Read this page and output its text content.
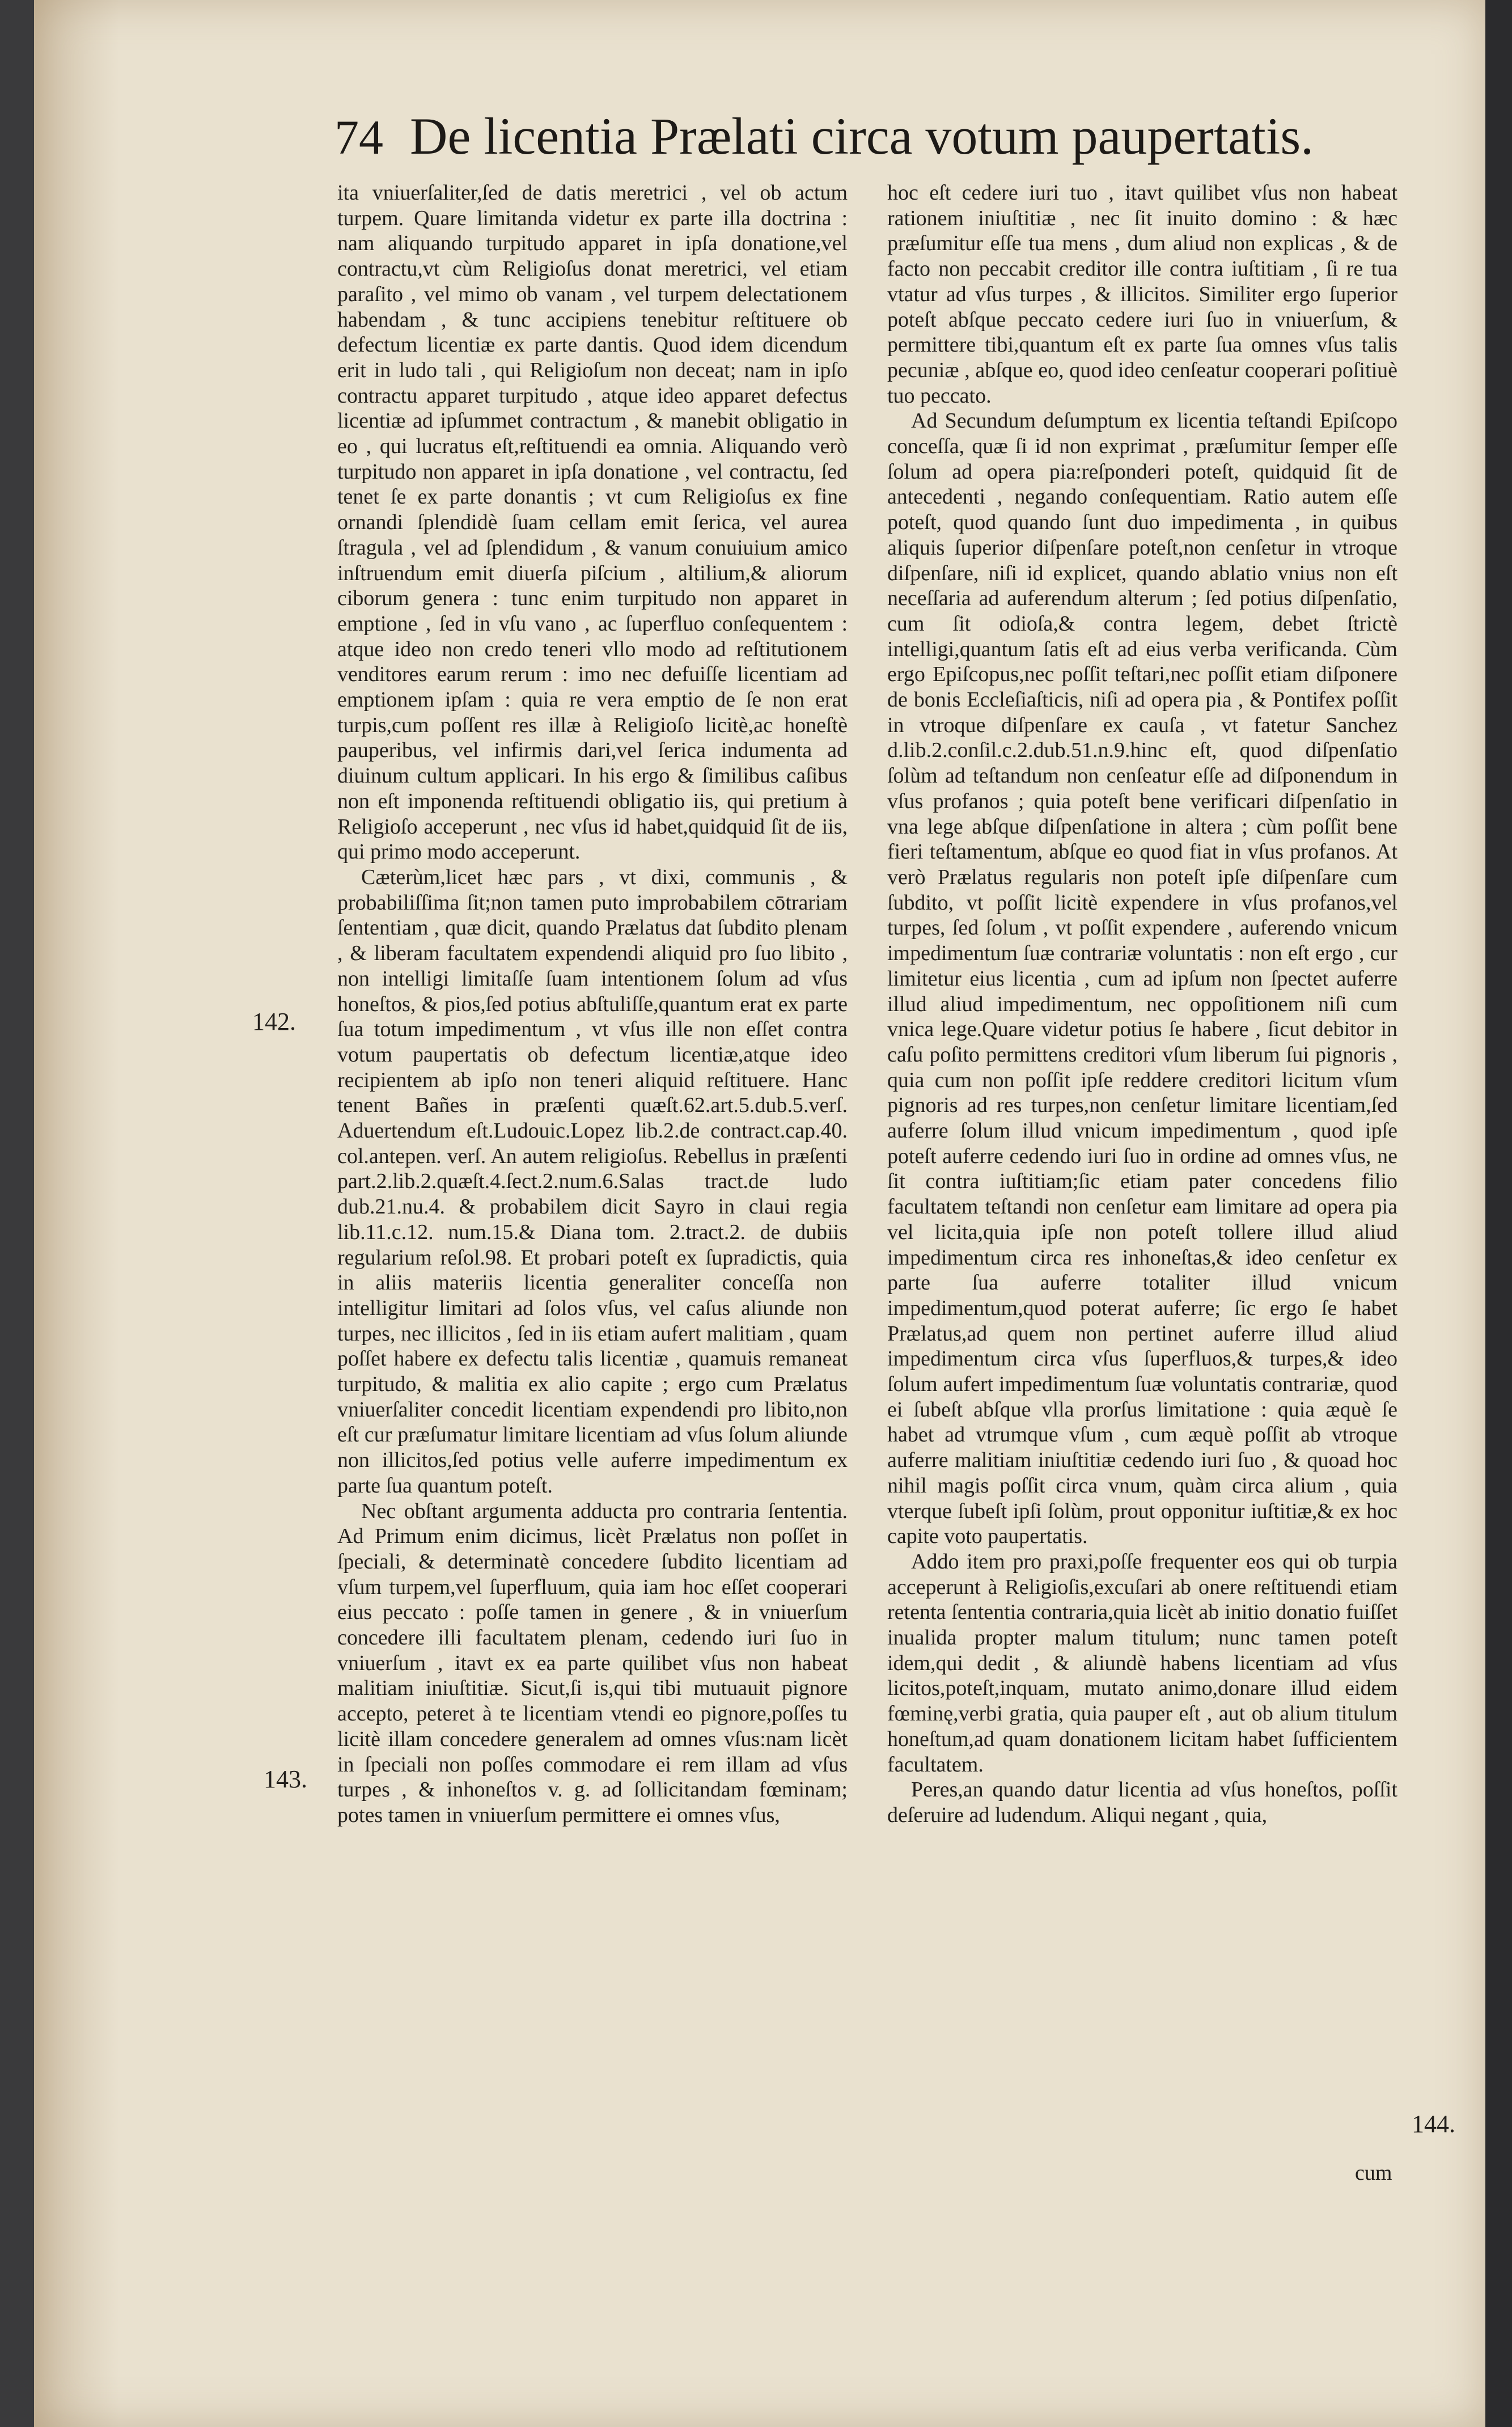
74 De licentia Prælati circa votum paupertatis.

ita vniuerſaliter,ſed de datis meretrici , vel ob actum turpem. Quare limitanda videtur ex parte illa doctrina : nam aliquando turpitudo apparet in ipſa donatione,vel contractu,vt cùm Religioſus donat meretrici, vel etiam paraſito , vel mimo ob vanam , vel turpem delectationem habendam , & tunc accipiens tenebitur reſtituere ob defectum licentiæ ex parte dantis. Quod idem dicendum erit in ludo tali , qui Religioſum non deceat; nam in ipſo contractu apparet turpitudo , atque ideo apparet defectus licentiæ ad ipſummet contractum , & manebit obligatio in eo , qui lucratus eſt,reſtituendi ea omnia. Aliquando verò turpitudo non apparet in ipſa donatione , vel contractu, ſed tenet ſe ex parte donantis ; vt cum Religioſus ex fine ornandi ſplendidè ſuam cellam emit ſerica, vel aurea ſtragula , vel ad ſplendidum , & vanum conuiuium amico inſtruendum emit diuerſa piſcium , altilium,& aliorum ciborum genera : tunc enim turpitudo non apparet in emptione , ſed in vſu vano , ac ſuperfluo conſequentem : atque ideo non credo teneri vllo modo ad reſtitutionem venditores earum rerum : imo nec defuiſſe licentiam ad emptionem ipſam : quia re vera emptio de ſe non erat turpis,cum poſſent res illæ à Religioſo licitè,ac honeſtè pauperibus, vel infirmis dari,vel ſerica indumenta ad diuinum cultum applicari. In his ergo & ſimilibus caſibus non eſt imponenda reſtituendi obligatio iis, qui pretium à Religioſo acceperunt , nec vſus id habet,quidquid ſit de iis, qui primo modo acceperunt.

Cæterùm,licet hæc pars , vt dixi, communis , & probabiliſſima ſit;non tamen puto improbabilem cōtrariam ſententiam , quæ dicit, quando Prælatus dat ſubdito plenam , & liberam facultatem expendendi aliquid pro ſuo libito , non intelligi limitaſſe ſuam intentionem ſolum ad vſus honeſtos, & pios,ſed potius abſtuliſſe,quantum erat ex parte ſua totum impedimentum , vt vſus ille non eſſet contra votum paupertatis ob defectum licentiæ,atque ideo recipientem ab ipſo non teneri aliquid reſtituere. Hanc tenent Bañes in præſenti quæſt.62.art.5.dub.5.verſ. Aduertendum eſt.Ludouic.Lopez lib.2.de contract.cap.40. col.antepen. verſ. An autem religioſus. Rebellus in præſenti part.2.lib.2.quæſt.4.ſect.2.num.6.Salas tract.de ludo dub.21.nu.4. & probabilem dicit Sayro in claui regia lib.11.c.12. num.15.& Diana tom. 2.tract.2. de dubiis regularium reſol.98. Et probari poteſt ex ſupradictis, quia in aliis materiis licentia generaliter conceſſa non intelligitur limitari ad ſolos vſus, vel caſus aliunde non turpes, nec illicitos , ſed in iis etiam aufert malitiam , quam poſſet habere ex defectu talis licentiæ , quamuis remaneat turpitudo, & malitia ex alio capite ; ergo cum Prælatus vniuerſaliter concedit licentiam expendendi pro libito,non eſt cur præſumatur limitare licentiam ad vſus ſolum aliunde non illicitos,ſed potius velle auferre impedimentum ex parte ſua quantum poteſt.

Nec obſtant argumenta adducta pro contraria ſententia. Ad Primum enim dicimus, licèt Prælatus non poſſet in ſpeciali, & determinatè concedere ſubdito licentiam ad vſum turpem,vel ſuperfluum, quia iam hoc eſſet cooperari eius peccato : poſſe tamen in genere , & in vniuerſum concedere illi facultatem plenam, cedendo iuri ſuo in vniuerſum , itavt ex ea parte quilibet vſus non habeat malitiam iniuſtitiæ. Sicut,ſi is,qui tibi mutuauit pignore accepto, peteret à te licentiam vtendi eo pignore,poſſes tu licitè illam concedere generalem ad omnes vſus:nam licèt in ſpeciali non poſſes commodare ei rem illam ad vſus turpes , & inhoneſtos v. g. ad ſollicitandam fœminam; potes tamen in vniuerſum permittere ei omnes vſus,

hoc eſt cedere iuri tuo , itavt quilibet vſus non habeat rationem iniuſtitiæ , nec ſit inuito domino : & hæc præſumitur eſſe tua mens , dum aliud non explicas , & de facto non peccabit creditor ille contra iuſtitiam , ſi re tua vtatur ad vſus turpes , & illicitos. Similiter ergo ſuperior poteſt abſque peccato cedere iuri ſuo in vniuerſum, & permittere tibi,quantum eſt ex parte ſua omnes vſus talis pecuniæ , abſque eo, quod ideo cenſeatur cooperari poſitiuè tuo peccato.

Ad Secundum deſumptum ex licentia teſtandi Epiſcopo conceſſa, quæ ſi id non exprimat , præſumitur ſemper eſſe ſolum ad opera pia:reſponderi poteſt, quidquid ſit de antecedenti , negando conſequentiam. Ratio autem eſſe poteſt, quod quando ſunt duo impedimenta , in quibus aliquis ſuperior diſpenſare poteſt,non cenſetur in vtroque diſpenſare, niſi id explicet, quando ablatio vnius non eſt neceſſaria ad auferendum alterum ; ſed potius diſpenſatio, cum ſit odioſa,& contra legem, debet ſtrictè intelligi,quantum ſatis eſt ad eius verba verificanda. Cùm ergo Epiſcopus,nec poſſit teſtari,nec poſſit etiam diſponere de bonis Eccleſiaſticis, niſi ad opera pia , & Pontifex poſſit in vtroque diſpenſare ex cauſa , vt fatetur Sanchez d.lib.2.conſil.c.2.dub.51.n.9.hinc eſt, quod diſpenſatio ſolùm ad teſtandum non cenſeatur eſſe ad diſponendum in vſus profanos ; quia poteſt bene verificari diſpenſatio in vna lege abſque diſpenſatione in altera ; cùm poſſit bene fieri teſtamentum, abſque eo quod fiat in vſus profanos. At verò Prælatus regularis non poteſt ipſe diſpenſare cum ſubdito, vt poſſit licitè expendere in vſus profanos,vel turpes, ſed ſolum , vt poſſit expendere , auferendo vnicum impedimentum ſuæ contrariæ voluntatis : non eſt ergo , cur limitetur eius licentia , cum ad ipſum non ſpectet auferre illud aliud impedimentum, nec oppoſitionem niſi cum vnica lege.Quare videtur potius ſe habere , ſicut debitor in caſu poſito permittens creditori vſum liberum ſui pignoris , quia cum non poſſit ipſe reddere creditori licitum vſum pignoris ad res turpes,non cenſetur limitare licentiam,ſed auferre ſolum illud vnicum impedimentum , quod ipſe poteſt auferre cedendo iuri ſuo in ordine ad omnes vſus, ne ſit contra iuſtitiam;ſic etiam pater concedens filio facultatem teſtandi non cenſetur eam limitare ad opera pia vel licita,quia ipſe non poteſt tollere illud aliud impedimentum circa res inhoneſtas,& ideo cenſetur ex parte ſua auferre totaliter illud vnicum impedimentum,quod poterat auferre; ſic ergo ſe habet Prælatus,ad quem non pertinet auferre illud aliud impedimentum circa vſus ſuperfluos,& turpes,& ideo ſolum aufert impedimentum ſuæ voluntatis contrariæ, quod ei ſubeſt abſque vlla prorſus limitatione : quia æquè ſe habet ad vtrumque vſum , cum æquè poſſit ab vtroque auferre malitiam iniuſtitiæ cedendo iuri ſuo , & quoad hoc nihil magis poſſit circa vnum, quàm circa alium , quia vterque ſubeſt ipſi ſolùm, prout opponitur iuſtitiæ,& ex hoc capite voto paupertatis.

Addo item pro praxi,poſſe frequenter eos qui ob turpia acceperunt à Religioſis,excuſari ab onere reſtituendi etiam retenta ſententia contraria,quia licèt ab initio donatio fuiſſet inualida propter malum titulum; nunc tamen poteſt idem,qui dedit , & aliundè habens licentiam ad vſus licitos,poteſt,inquam, mutato animo,donare illud eidem fœminę,verbi gratia, quia pauper eſt , aut ob alium titulum honeſtum,ad quam donationem licitam habet ſufficientem facultatem.

Peres,an quando datur licentia ad vſus honeſtos, poſſit deſeruire ad ludendum. Aliqui negant , quia,

142.
143.
144.
cum
